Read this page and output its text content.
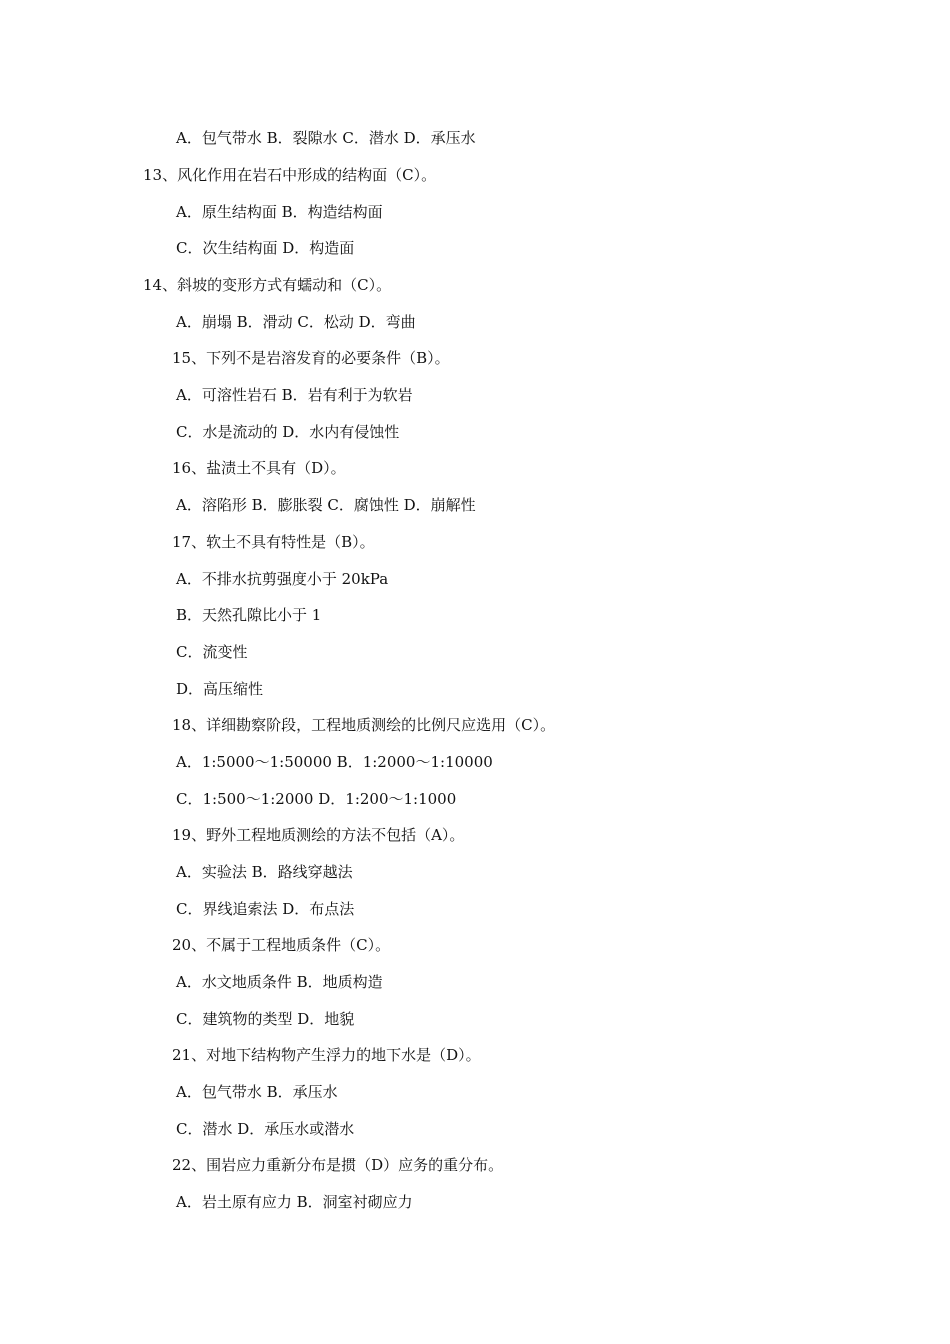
A．包气带水 B．裂隙水 C．潜水 D．承压水
13、风化作用在岩石中形成的结构面（C）。
A．原生结构面 B．构造结构面
C．次生结构面 D．构造面
14、斜坡的变形方式有蠕动和（C）。
A．崩塌 B．滑动 C．松动 D．弯曲
15、下列不是岩溶发育的必要条件（B）。
A．可溶性岩石 B．岩有利于为软岩
C．水是流动的 D．水内有侵蚀性
16、盐渍土不具有（D）。
A．溶陷形 B．膨胀裂 C．腐蚀性 D．崩解性
17、软土不具有特性是（B）。
A．不排水抗剪强度小于 20kPa
B．天然孔隙比小于 1
C．流变性
D．高压缩性
18、详细勘察阶段，工程地质测绘的比例尺应选用（C）。
A．1:5000～1:50000 B．1:2000～1:10000
C．1:500～1:2000 D．1:200～1:1000
19、野外工程地质测绘的方法不包括（A）。
A．实验法 B．路线穿越法
C．界线追索法 D．布点法
20、不属于工程地质条件（C）。
A．水文地质条件 B．地质构造
C．建筑物的类型 D．地貌
21、对地下结构物产生浮力的地下水是（D）。
A．包气带水 B．承压水
C．潜水 D．承压水或潜水
22、围岩应力重新分布是掼（D）应务的重分布。
A．岩土原有应力 B．洞室衬砌应力
